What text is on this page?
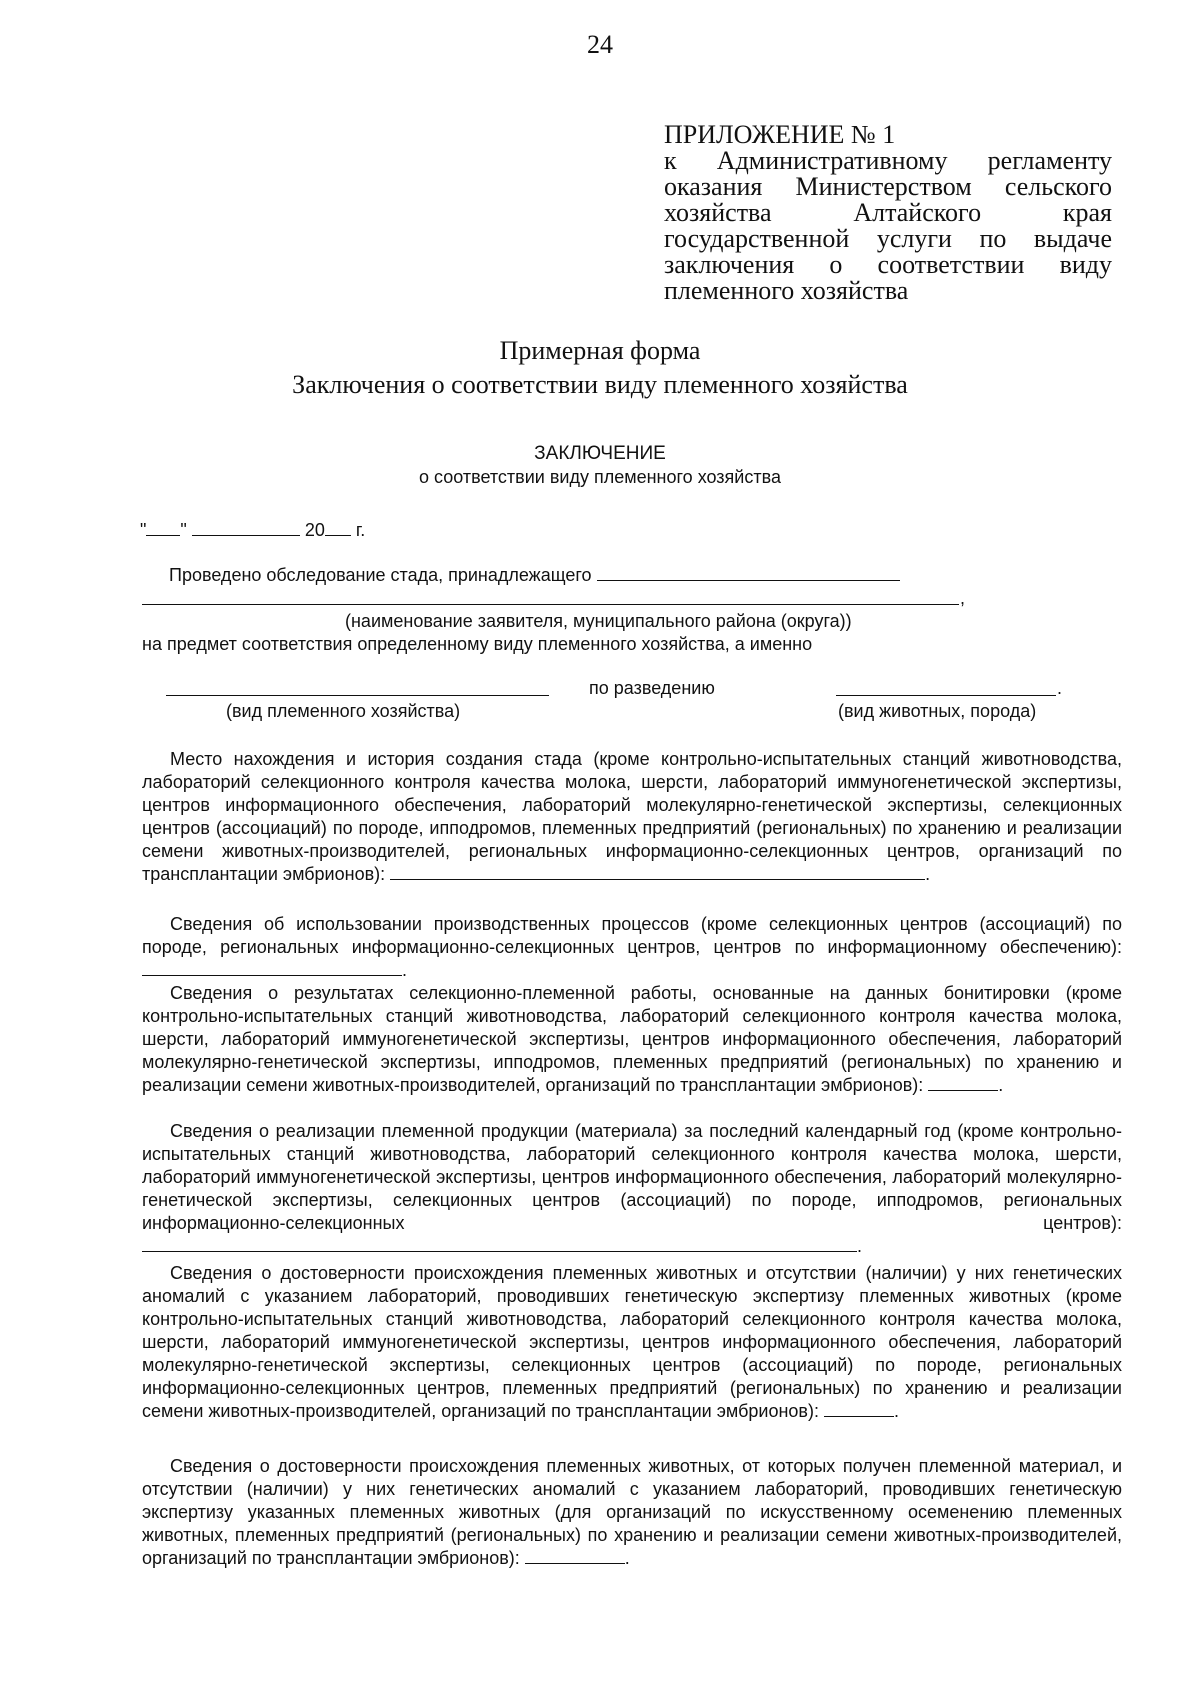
24
ПРИЛОЖЕНИЕ № 1
к Административному регламенту
оказания Министерством сельского
хозяйства Алтайского края
государственной услуги по выдаче
заключения о соответствии виду
племенного хозяйства
Примерная форма
Заключения о соответствии виду племенного хозяйства
ЗАКЛЮЧЕНИЕ
о соответствии виду племенного хозяйства
" "	20 г.
Проведено обследование стада, принадлежащего
,
(наименование заявителя, муниципального района (округа))
на предмет соответствия определенному виду племенного хозяйства, а именно
по разведению	.
(вид племенного хозяйства)	(вид животных, порода)
Место нахождения и история создания стада (кроме контрольно-испытательных станций животноводства, лабораторий селекционного контроля качества молока, шерсти, лабораторий иммуногенетической экспертизы, центров информационного обеспечения, лабораторий молекулярно-генетической экспертизы, селекционных центров (ассоциаций) по породе, ипподромов, племенных предприятий (региональных) по хранению и реализации семени животных-производителей, региональных информационно-селекционных центров, организаций по трансплантации эмбрионов):	.
Сведения об использовании производственных процессов (кроме селекционных центров (ассоциаций) по породе, региональных информационно-селекционных центров, центров по информационному обеспечению): .
Сведения о результатах селекционно-племенной работы, основанные на данных бонитировки (кроме контрольно-испытательных станций животноводства, лабораторий селекционного контроля качества молока, шерсти, лабораторий иммуногенетической экспертизы, центров информационного обеспечения, лабораторий молекулярно-генетической экспертизы, ипподромов, племенных предприятий (региональных) по хранению и реализации семени животных-производителей, организаций по трансплантации эмбрионов):	.
Сведения о реализации племенной продукции (материала) за последний календарный год (кроме контрольно-испытательных станций животноводства, лабораторий селекционного контроля качества молока, шерсти, лабораторий иммуногенетической экспертизы, центров информационного обеспечения, лабораторий молекулярно-генетической экспертизы, селекционных центров (ассоциаций) по породе, ипподромов, региональных информационно-селекционных центров): .
Сведения о достоверности происхождения племенных животных и отсутствии (наличии) у них генетических аномалий с указанием лабораторий, проводивших генетическую экспертизу племенных животных (кроме контрольно-испытательных станций животноводства, лабораторий селекционного контроля качества молока, шерсти, лабораторий иммуногенетической экспертизы, центров информационного обеспечения, лабораторий молекулярно-генетической экспертизы, селекционных центров (ассоциаций) по породе, региональных информационно-селекционных центров, племенных предприятий (региональных) по хранению и реализации семени животных-производителей, организаций по трансплантации эмбрионов):	.
Сведения о достоверности происхождения племенных животных, от которых получен племенной материал, и отсутствии (наличии) у них генетических аномалий с указанием лабораторий, проводивших генетическую экспертизу указанных племенных животных (для организаций по искусственному осеменению племенных животных, племенных предприятий (региональных) по хранению и реализации семени животных-производителей, организаций по трансплантации эмбрионов):	.
